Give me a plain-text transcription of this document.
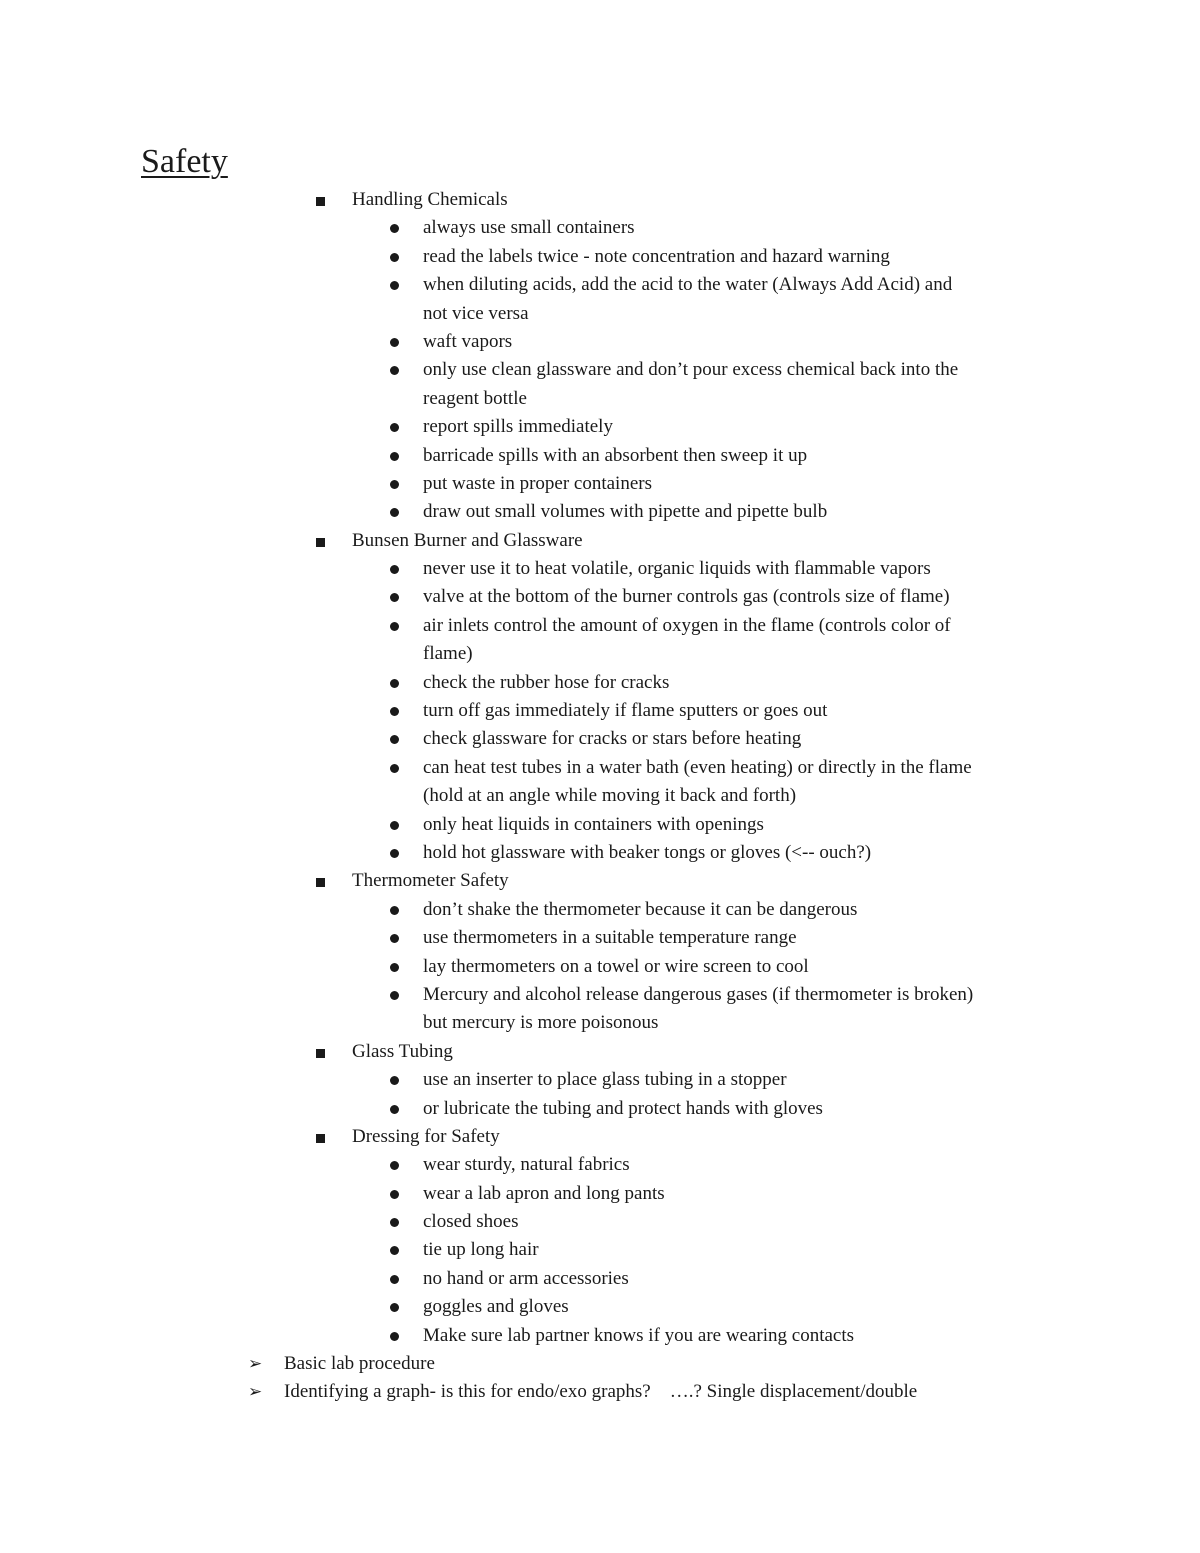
Safety
Handling Chemicals
always use small containers
read the labels twice - note concentration and hazard warning
when diluting acids, add the acid to the water (Always Add Acid) and
not vice versa
waft vapors
only use clean glassware and don’t pour excess chemical back into the
reagent bottle
report spills immediately
barricade spills with an absorbent then sweep it up
put waste in proper containers
draw out small volumes with pipette and pipette bulb
Bunsen Burner and Glassware
never use it to heat volatile, organic liquids with flammable vapors
valve at the bottom of the burner controls gas (controls size of flame)
air inlets control the amount of oxygen in the flame (controls color of
flame)
check the rubber hose for cracks
turn off gas immediately if flame sputters or goes out
check glassware for cracks or stars before heating
can heat test tubes in a water bath (even heating) or directly in the flame
(hold at an angle while moving it back and forth)
only heat liquids in containers with openings
hold hot glassware with beaker tongs or gloves (<-- ouch?)
Thermometer Safety
don’t shake the thermometer because it can be dangerous
use thermometers in a suitable temperature range
lay thermometers on a towel or wire screen to cool
Mercury and alcohol release dangerous gases (if thermometer is broken)
but mercury is more poisonous
Glass Tubing
use an inserter to place glass tubing in a stopper
or lubricate the tubing and protect hands with gloves
Dressing for Safety
wear sturdy, natural fabrics
wear a lab apron and long pants
closed shoes
tie up long hair
no hand or arm accessories
goggles and gloves
Make sure lab partner knows if you are wearing contacts
➢ Basic lab procedure
➢ Identifying a graph- is this for endo/exo graphs?    ….? Single displacement/double
